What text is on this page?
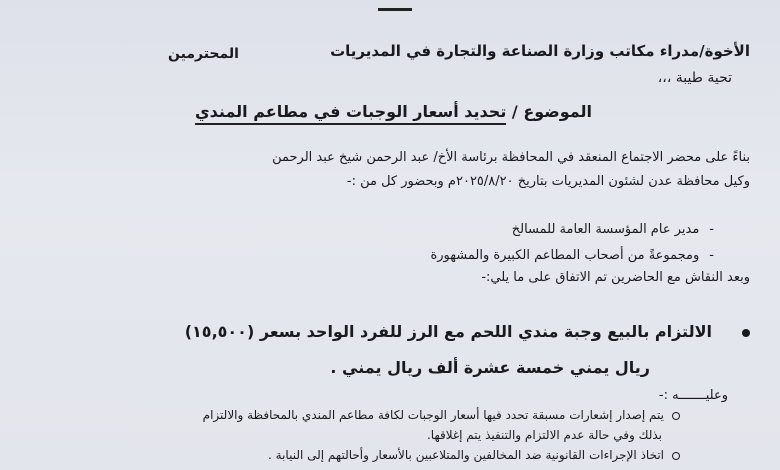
الأخوة/مدراء مكاتب وزارة الصناعة والتجارة في المديريات
المحترمين
تحية طيبة ،،،
الموضوع / تحديد أسعار الوجبات في مطاعم المندي
بناءً على محضر الاجتماع المنعقد في المحافظة برئاسة الأخ/ عبد الرحمن شيخ عبد الرحمن
وكيل محافظة عدن لشئون المديريات بتاريخ ٢٠٢٥/٨/٢٠م وبحضور كل من :-
-مدير عام المؤسسة العامة للمسالخ
-ومجموعةً من أصحاب المطاعم الكبيرة والمشهورة
وبعد النقاش مع الحاضرين تم الاتفاق على ما يلي:-
الالتزام بالبيع وجبة مندي اللحم مع الرز للفرد الواحد بسعر (١٥,٥٠٠)
ريال يمني خمسة عشرة ألف ريال يمني .
وعليـــــــه :-
يتم إصدار إشعارات مسبقة تحدد فيها أسعار الوجبات لكافة مطاعم المندي بالمحافظة والالتزام
بذلك وفي حالة عدم الالتزام والتنفيذ يتم إغلاقها.
اتخاذ الإجراءات القانونية ضد المخالفين والمتلاعبين بالأسعار وأحالتهم إلى النيابة .
